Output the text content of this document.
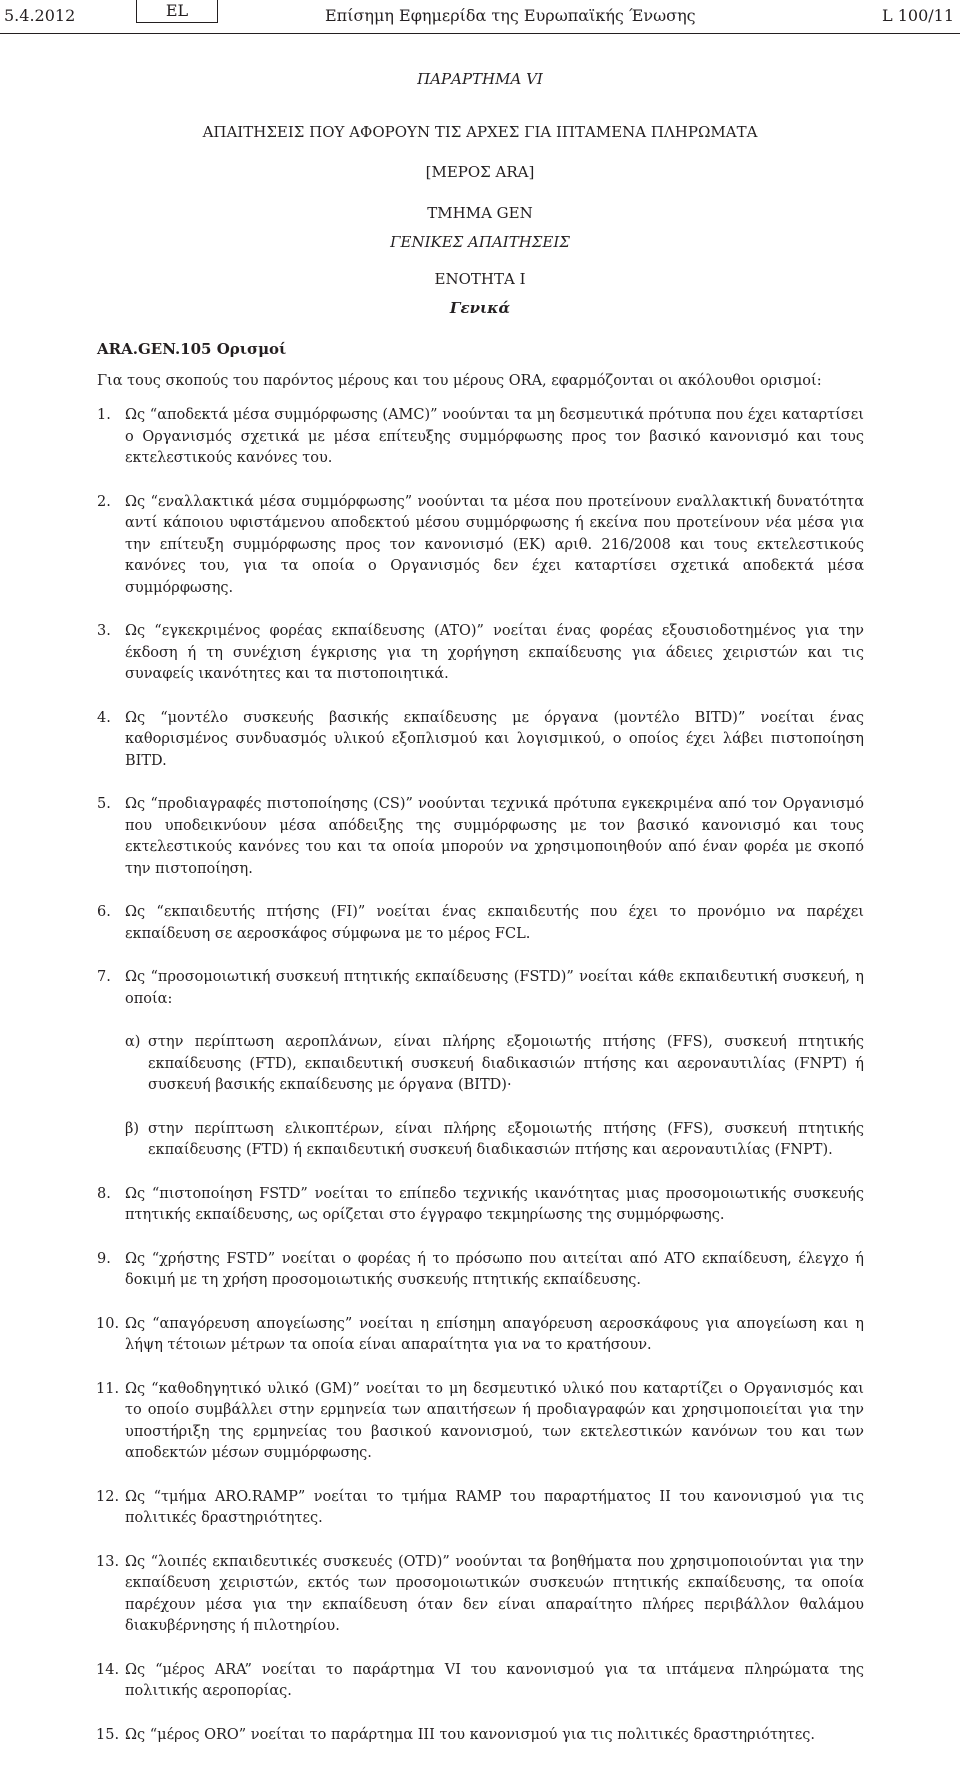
5.4.2012	EL	Επίσημη Εφημερίδα της Ευρωπαϊκής Ένωσης	L 100/11
ΠΑΡΑΡΤΗΜΑ VI
ΑΠΑΙΤΗΣΕΙΣ ΠΟΥ ΑΦΟΡΟΥΝ ΤΙΣ ΑΡΧΕΣ ΓΙΑ ΙΠΤΑΜΕΝΑ ΠΛΗΡΩΜΑΤΑ
[ΜΕΡΟΣ ARA]
ΤΜΗΜΑ GEN
ΓΕΝΙΚΕΣ ΑΠΑΙΤΗΣΕΙΣ
ΕΝΟΤΗΤΑ I
Γενικά
ARA.GEN.105 Ορισμοί
Για τους σκοπούς του παρόντος μέρους και του μέρους ORA, εφαρμόζονται οι ακόλουθοι ορισμοί:
1. Ως “αποδεκτά μέσα συμμόρφωσης (AMC)” νοούνται τα μη δεσμευτικά πρότυπα που έχει καταρτίσει ο Οργανισμός σχετικά με μέσα επίτευξης συμμόρφωσης προς τον βασικό κανονισμό και τους εκτελεστικούς κανόνες του.
2. Ως “εναλλακτικά μέσα συμμόρφωσης” νοούνται τα μέσα που προτείνουν εναλλακτική δυνατότητα αντί κάποιου υφιστάμενου αποδεκτού μέσου συμμόρφωσης ή εκείνα που προτείνουν νέα μέσα για την επίτευξη συμμόρφωσης προς τον κανονισμό (ΕΚ) αριθ. 216/2008 και τους εκτελεστικούς κανόνες του, για τα οποία ο Οργανισμός δεν έχει καταρτίσει σχετικά αποδεκτά μέσα συμμόρφωσης.
3. Ως “εγκεκριμένος φορέας εκπαίδευσης (ATO)” νοείται ένας φορέας εξουσιοδοτημένος για την έκδοση ή τη συνέχιση έγκρισης για τη χορήγηση εκπαίδευσης για άδειες χειριστών και τις συναφείς ικανότητες και τα πιστοποιητικά.
4. Ως “μοντέλο συσκευής βασικής εκπαίδευσης με όργανα (μοντέλο BITD)” νοείται ένας καθορισμένος συνδυασμός υλικού εξοπλισμού και λογισμικού, ο οποίος έχει λάβει πιστοποίηση BITD.
5. Ως “προδιαγραφές πιστοποίησης (CS)” νοούνται τεχνικά πρότυπα εγκεκριμένα από τον Οργανισμό που υποδεικνύουν μέσα απόδειξης της συμμόρφωσης με τον βασικό κανονισμό και τους εκτελεστικούς κανόνες του και τα οποία μπορούν να χρησιμοποιηθούν από έναν φορέα με σκοπό την πιστοποίηση.
6. Ως “εκπαιδευτής πτήσης (FI)” νοείται ένας εκπαιδευτής που έχει το προνόμιο να παρέχει εκπαίδευση σε αεροσκάφος σύμφωνα με το μέρος FCL.
7. Ως “προσομοιωτική συσκευή πτητικής εκπαίδευσης (FSTD)” νοείται κάθε εκπαιδευτική συσκευή, η οποία:
α) στην περίπτωση αεροπλάνων, είναι πλήρης εξομοιωτής πτήσης (FFS), συσκευή πτητικής εκπαίδευσης (FTD), εκπαιδευτική συσκευή διαδικασιών πτήσης και αεροναυτιλίας (FNPT) ή συσκευή βασικής εκπαίδευσης με όργανα (BITD)·
β) στην περίπτωση ελικοπτέρων, είναι πλήρης εξομοιωτής πτήσης (FFS), συσκευή πτητικής εκπαίδευσης (FTD) ή εκπαιδευτική συσκευή διαδικασιών πτήσης και αεροναυτιλίας (FNPT).
8. Ως “πιστοποίηση FSTD” νοείται το επίπεδο τεχνικής ικανότητας μιας προσομοιωτικής συσκευής πτητικής εκπαίδευσης, ως ορίζεται στο έγγραφο τεκμηρίωσης της συμμόρφωσης.
9. Ως “χρήστης FSTD” νοείται ο φορέας ή το πρόσωπο που αιτείται από ATO εκπαίδευση, έλεγχο ή δοκιμή με τη χρήση προσομοιωτικής συσκευής πτητικής εκπαίδευσης.
10. Ως “απαγόρευση απογείωσης” νοείται η επίσημη απαγόρευση αεροσκάφους για απογείωση και η λήψη τέτοιων μέτρων τα οποία είναι απαραίτητα για να το κρατήσουν.
11. Ως “καθοδηγητικό υλικό (GM)” νοείται το μη δεσμευτικό υλικό που καταρτίζει ο Οργανισμός και το οποίο συμβάλλει στην ερμηνεία των απαιτήσεων ή προδιαγραφών και χρησιμοποιείται για την υποστήριξη της ερμηνείας του βασικού κανονισμού, των εκτελεστικών κανόνων του και των αποδεκτών μέσων συμμόρφωσης.
12. Ως “τμήμα ARO.RAMP” νοείται το τμήμα RAMP του παραρτήματος II του κανονισμού για τις πολιτικές δραστηριότητες.
13. Ως “λοιπές εκπαιδευτικές συσκευές (OTD)” νοούνται τα βοηθήματα που χρησιμοποιούνται για την εκπαίδευση χειριστών, εκτός των προσομοιωτικών συσκευών πτητικής εκπαίδευσης, τα οποία παρέχουν μέσα για την εκπαίδευση όταν δεν είναι απαραίτητο πλήρες περιβάλλον θαλάμου διακυβέρνησης ή πιλοτηρίου.
14. Ως “μέρος ARA” νοείται το παράρτημα VI του κανονισμού για τα ιπτάμενα πληρώματα της πολιτικής αεροπορίας.
15. Ως “μέρος ORO” νοείται το παράρτημα III του κανονισμού για τις πολιτικές δραστηριότητες.
